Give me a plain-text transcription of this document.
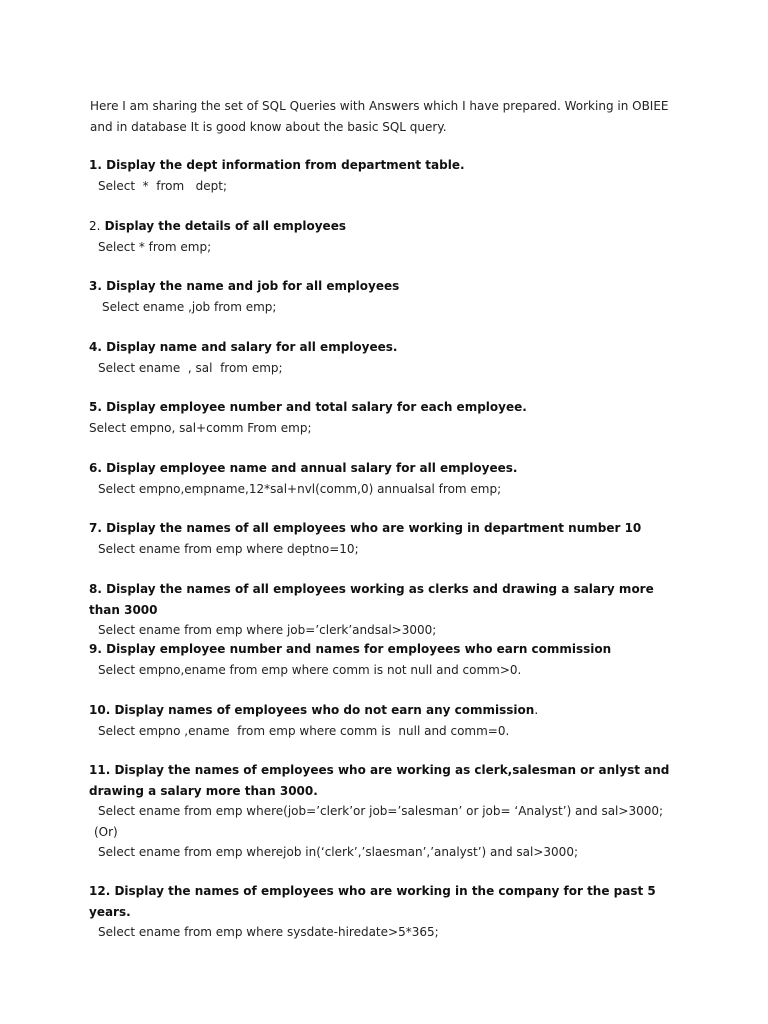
Here I am sharing the set of SQL Queries with Answers which I have prepared. Working in OBIEE and in database It is good know about the basic SQL query.
1. Display the dept information from department table.
Select  *  from   dept;
2. Display the details of all employees
Select * from emp;
3. Display the name and job for all employees
Select ename ,job from emp;
4. Display name and salary for all employees.
Select ename  , sal  from emp;
5. Display employee number and total salary for each employee.
Select empno, sal+comm From emp;
6. Display employee name and annual salary for all employees.
Select empno,empname,12*sal+nvl(comm,0) annualsal from emp;
7. Display the names of all employees who are working in department number 10
Select ename from emp where deptno=10;
8. Display the names of all employees working as clerks and drawing a salary more than 3000
Select ename from emp where job=’clerk’andsal>3000;
9. Display employee number and names for employees who earn commission
Select empno,ename from emp where comm is not null and comm>0.
10. Display names of employees who do not earn any commission.
Select empno ,ename  from emp where comm is  null and comm=0.
11. Display the names of employees who are working as clerk,salesman or anlyst and drawing a salary more than 3000.
Select ename from emp where(job=’clerk’or job=’salesman’ or job= ‘Analyst’) and sal>3000;
(Or)
Select ename from emp wherejob in(‘clerk’,’slaesman’,’analyst’) and sal>3000;
12. Display the names of employees who are working in the company for the past 5 years.
Select ename from emp where sysdate-hiredate>5*365;
